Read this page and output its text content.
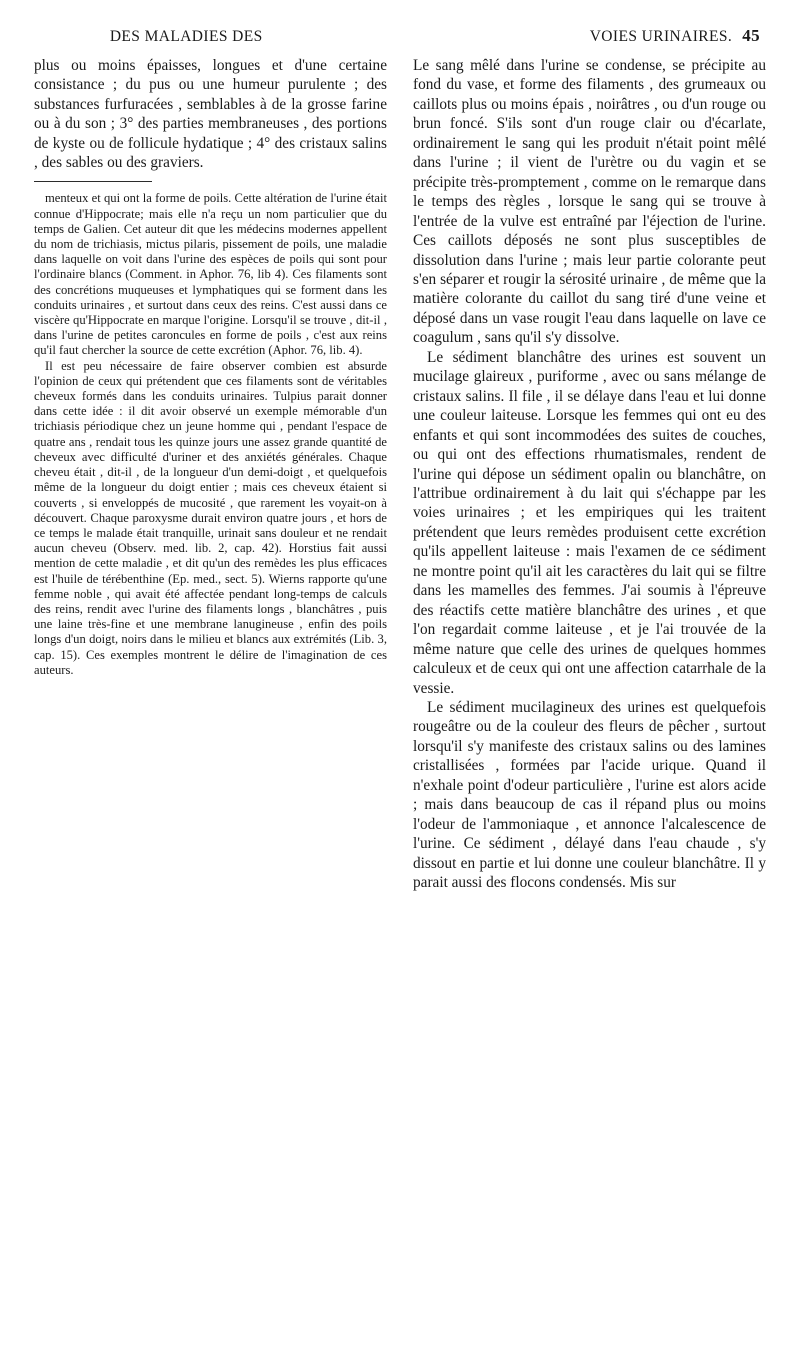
DES MALADIES DES	VOIES URINAIRES. 45

plus ou moins épaisses, longues et d'une certaine consistance ; du pus ou une humeur purulente ; des substances furfuracées , semblables à de la grosse farine ou à du son ; 3° des parties membraneuses , des portions de kyste ou de follicule hydatique ; 4° des cristaux salins , des sables ou des graviers.

menteux et qui ont la forme de poils. Cette altération de l'urine était connue d'Hippocrate; mais elle n'a reçu un nom particulier que du temps de Galien. Cet auteur dit que les médecins modernes appellent du nom de trichiasis, mictus pilaris, pissement de poils, une maladie dans laquelle on voit dans l'urine des espèces de poils qui sont pour l'ordinaire blancs (Comment. in Aphor. 76, lib 4). Ces filaments sont des concrétions muqueuses et lymphatiques qui se forment dans les conduits urinaires , et surtout dans ceux des reins. C'est aussi dans ce viscère qu'Hippocrate en marque l'origine. Lorsqu'il se trouve , dit-il , dans l'urine de petites caroncules en forme de poils , c'est aux reins qu'il faut chercher la source de cette excrétion (Aphor. 76, lib. 4).

Il est peu nécessaire de faire observer combien est absurde l'opinion de ceux qui prétendent que ces filaments sont de véritables cheveux formés dans les conduits urinaires. Tulpius parait donner dans cette idée : il dit avoir observé un exemple mémorable d'un trichiasis périodique chez un jeune homme qui , pendant l'espace de quatre ans , rendait tous les quinze jours une assez grande quantité de cheveux avec difficulté d'uriner et des anxiétés générales. Chaque cheveu était , dit-il , de la longueur d'un demi-doigt , et quelquefois même de la longueur du doigt entier ; mais ces cheveux étaient si couverts , si enveloppés de mucosité , que rarement les voyait-on à découvert. Chaque paroxysme durait environ quatre jours , et hors de ce temps le malade était tranquille, urinait sans douleur et ne rendait aucun cheveu (Observ. med. lib. 2, cap. 42). Horstius fait aussi mention de cette maladie , et dit qu'un des remèdes les plus efficaces est l'huile de térébenthine (Ep. med., sect. 5). Wierns rapporte qu'une femme noble , qui avait été affectée pendant long-temps de calculs des reins, rendit avec l'urine des filaments longs , blanchâtres , puis une laine très-fine et une membrane lanugineuse , enfin des poils longs d'un doigt, noirs dans le milieu et blancs aux extrémités (Lib. 3, cap. 15). Ces exemples montrent le délire de l'imagination de ces auteurs.

Le sang mêlé dans l'urine se condense, se précipite au fond du vase, et forme des filaments , des grumeaux ou caillots plus ou moins épais , noirâtres , ou d'un rouge ou brun foncé. S'ils sont d'un rouge clair ou d'écarlate, ordinairement le sang qui les produit n'était point mêlé dans l'urine ; il vient de l'urètre ou du vagin et se précipite très-promptement , comme on le remarque dans le temps des règles , lorsque le sang qui se trouve à l'entrée de la vulve est entraîné par l'éjection de l'urine. Ces caillots déposés ne sont plus susceptibles de dissolution dans l'urine ; mais leur partie colorante peut s'en séparer et rougir la sérosité urinaire , de même que la matière colorante du caillot du sang tiré d'une veine et déposé dans un vase rougit l'eau dans laquelle on lave ce coagulum , sans qu'il s'y dissolve.

Le sédiment blanchâtre des urines est souvent un mucilage glaireux , puriforme , avec ou sans mélange de cristaux salins. Il file , il se délaye dans l'eau et lui donne une couleur laiteuse. Lorsque les femmes qui ont eu des enfants et qui sont incommodées des suites de couches, ou qui ont des effections rhumatismales, rendent de l'urine qui dépose un sédiment opalin ou blanchâtre, on l'attribue ordinairement à du lait qui s'échappe par les voies urinaires ; et les empiriques qui les traitent prétendent que leurs remèdes produisent cette excrétion qu'ils appellent laiteuse : mais l'examen de ce sédiment ne montre point qu'il ait les caractères du lait qui se filtre dans les mamelles des femmes. J'ai soumis à l'épreuve des réactifs cette matière blanchâtre des urines , et que l'on regardait comme laiteuse , et je l'ai trouvée de la même nature que celle des urines de quelques hommes calculeux et de ceux qui ont une affection catarrhale de la vessie.

Le sédiment mucilagineux des urines est quelquefois rougeâtre ou de la couleur des fleurs de pêcher , surtout lorsqu'il s'y manifeste des cristaux salins ou des lamines cristallisées , formées par l'acide urique. Quand il n'exhale point d'odeur particulière , l'urine est alors acide ; mais dans beaucoup de cas il répand plus ou moins l'odeur de l'ammoniaque , et annonce l'alcalescence de l'urine. Ce sédiment , délayé dans l'eau chaude , s'y dissout en partie et lui donne une couleur blanchâtre. Il y parait aussi des flocons condensés. Mis sur
